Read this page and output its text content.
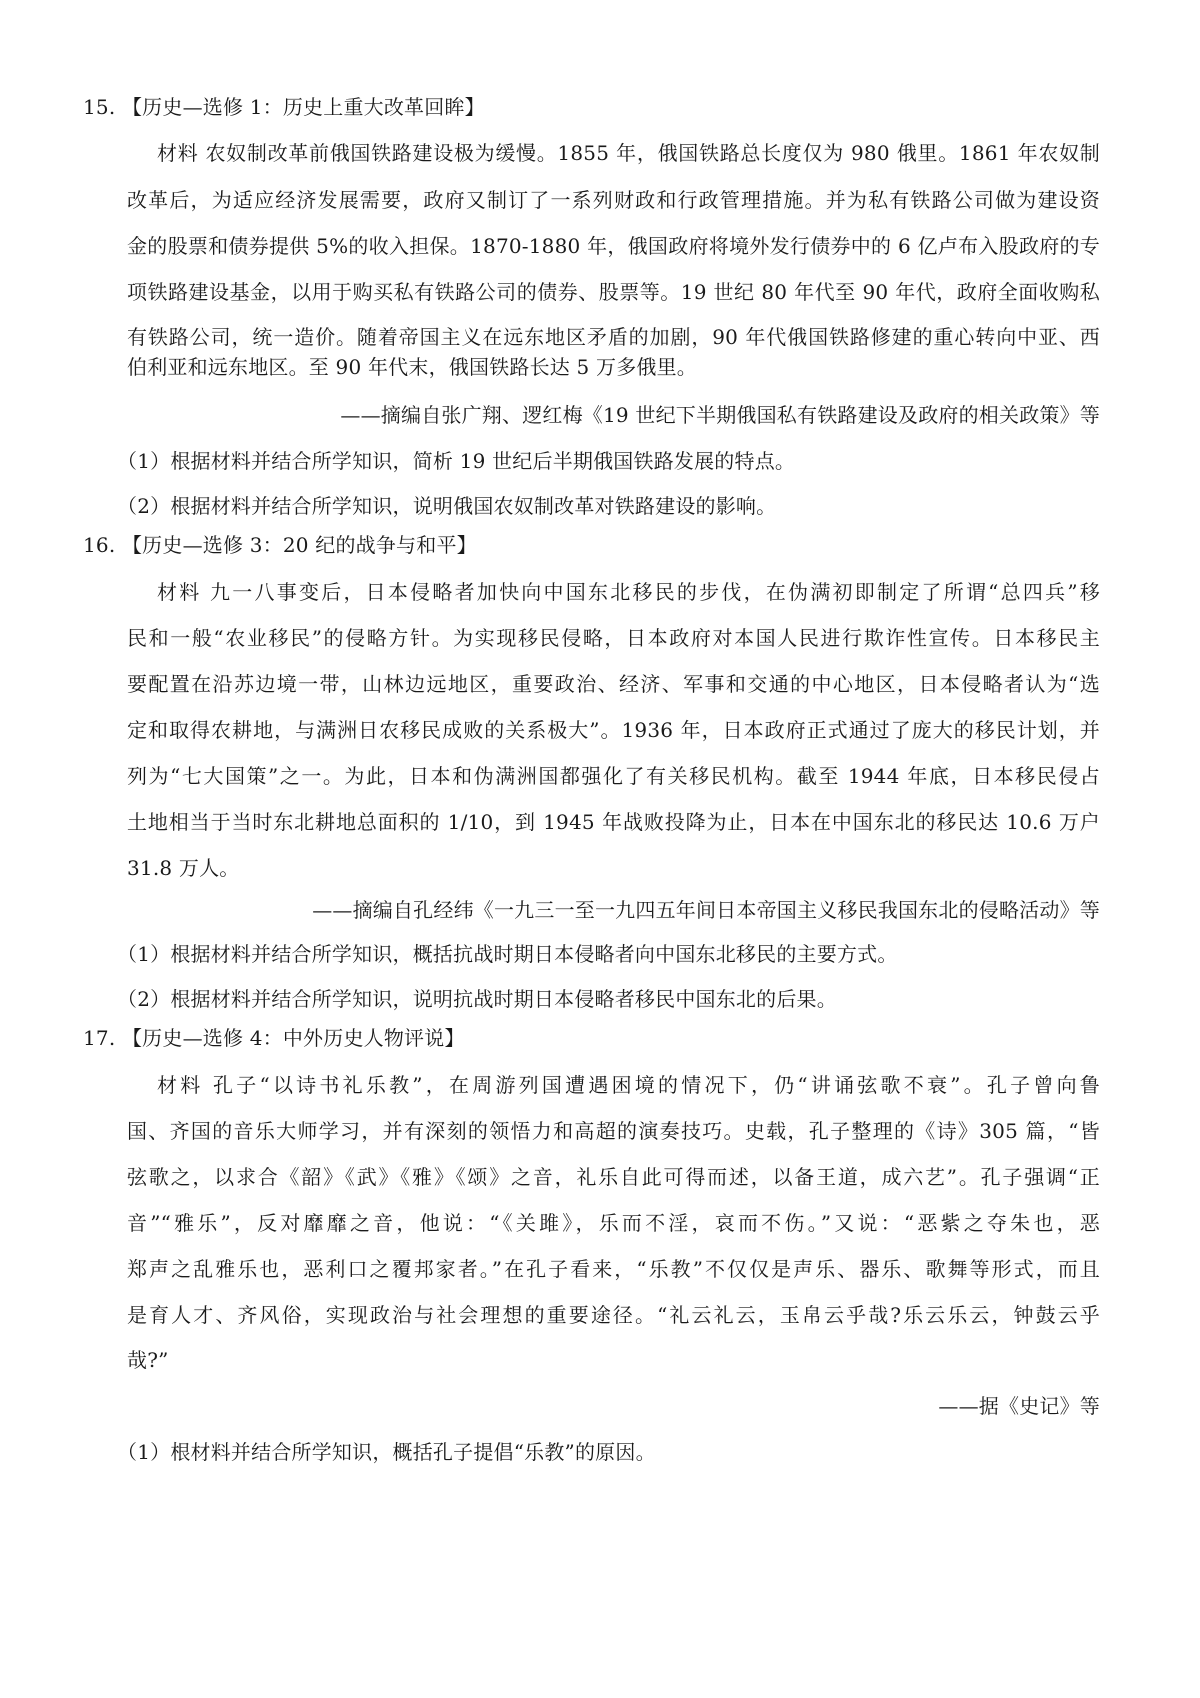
15. 【历史—选修 1：历史上重大改革回眸】
材料 农奴制改革前俄国铁路建设极为缓慢。1855 年，俄国铁路总长度仅为 980 俄里。1861 年农奴制
改革后，为适应经济发展需要，政府又制订了一系列财政和行政管理措施。并为私有铁路公司做为建设资
金的股票和债券提供 5%的收入担保。1870-1880 年，俄国政府将境外发行债券中的 6 亿卢布入股政府的专
项铁路建设基金，以用于购买私有铁路公司的债券、股票等。19 世纪 80 年代至 90 年代，政府全面收购私
有铁路公司，统一造价。随着帝国主义在远东地区矛盾的加剧，90 年代俄国铁路修建的重心转向中亚、西
伯利亚和远东地区。至 90 年代末，俄国铁路长达 5 万多俄里。
——摘编自张广翔、逻红梅《19 世纪下半期俄国私有铁路建设及政府的相关政策》等
（1）根据材料并结合所学知识，简析 19 世纪后半期俄国铁路发展的特点。
（2）根据材料并结合所学知识，说明俄国农奴制改革对铁路建设的影响。
16. 【历史—选修 3：20 纪的战争与和平】
材料 九一八事变后，日本侵略者加快向中国东北移民的步伐，在伪满初即制定了所谓“总四兵”移
民和一般“农业移民”的侵略方针。为实现移民侵略，日本政府对本国人民进行欺诈性宣传。日本移民主
要配置在沿苏边境一带，山林边远地区，重要政治、经济、军事和交通的中心地区，日本侵略者认为“选
定和取得农耕地，与满洲日农移民成败的关系极大”。1936 年，日本政府正式通过了庞大的移民计划，并
列为“七大国策”之一。为此，日本和伪满洲国都强化了有关移民机构。截至 1944 年底，日本移民侵占
土地相当于当时东北耕地总面积的 1/10，到 1945 年战败投降为止，日本在中国东北的移民达 10.6 万户
31.8 万人。
——摘编自孔经纬《一九三一至一九四五年间日本帝国主义移民我国东北的侵略活动》等
（1）根据材料并结合所学知识，概括抗战时期日本侵略者向中国东北移民的主要方式。
（2）根据材料并结合所学知识，说明抗战时期日本侵略者移民中国东北的后果。
17. 【历史—选修 4：中外历史人物评说】
材料 孔子“以诗书礼乐教”，在周游列国遭遇困境的情况下，仍“讲诵弦歌不衰”。孔子曾向鲁
国、齐国的音乐大师学习，并有深刻的领悟力和高超的演奏技巧。史载，孔子整理的《诗》305 篇，“皆
弦歌之，以求合《韶》《武》《雅》《颂》之音，礼乐自此可得而述，以备王道，成六艺”。孔子强调“正
音”“雅乐”，反对靡靡之音，他说：“《关雎》，乐而不淫，哀而不伤。”又说：“恶紫之夺朱也，恶
郑声之乱雅乐也，恶利口之覆邦家者。”在孔子看来，“乐教”不仅仅是声乐、器乐、歌舞等形式，而且
是育人才、齐风俗，实现政治与社会理想的重要途径。“礼云礼云，玉帛云乎哉?乐云乐云，钟鼓云乎
哉?”
——据《史记》等
（1）根材料并结合所学知识，概括孔子提倡“乐教”的原因。
